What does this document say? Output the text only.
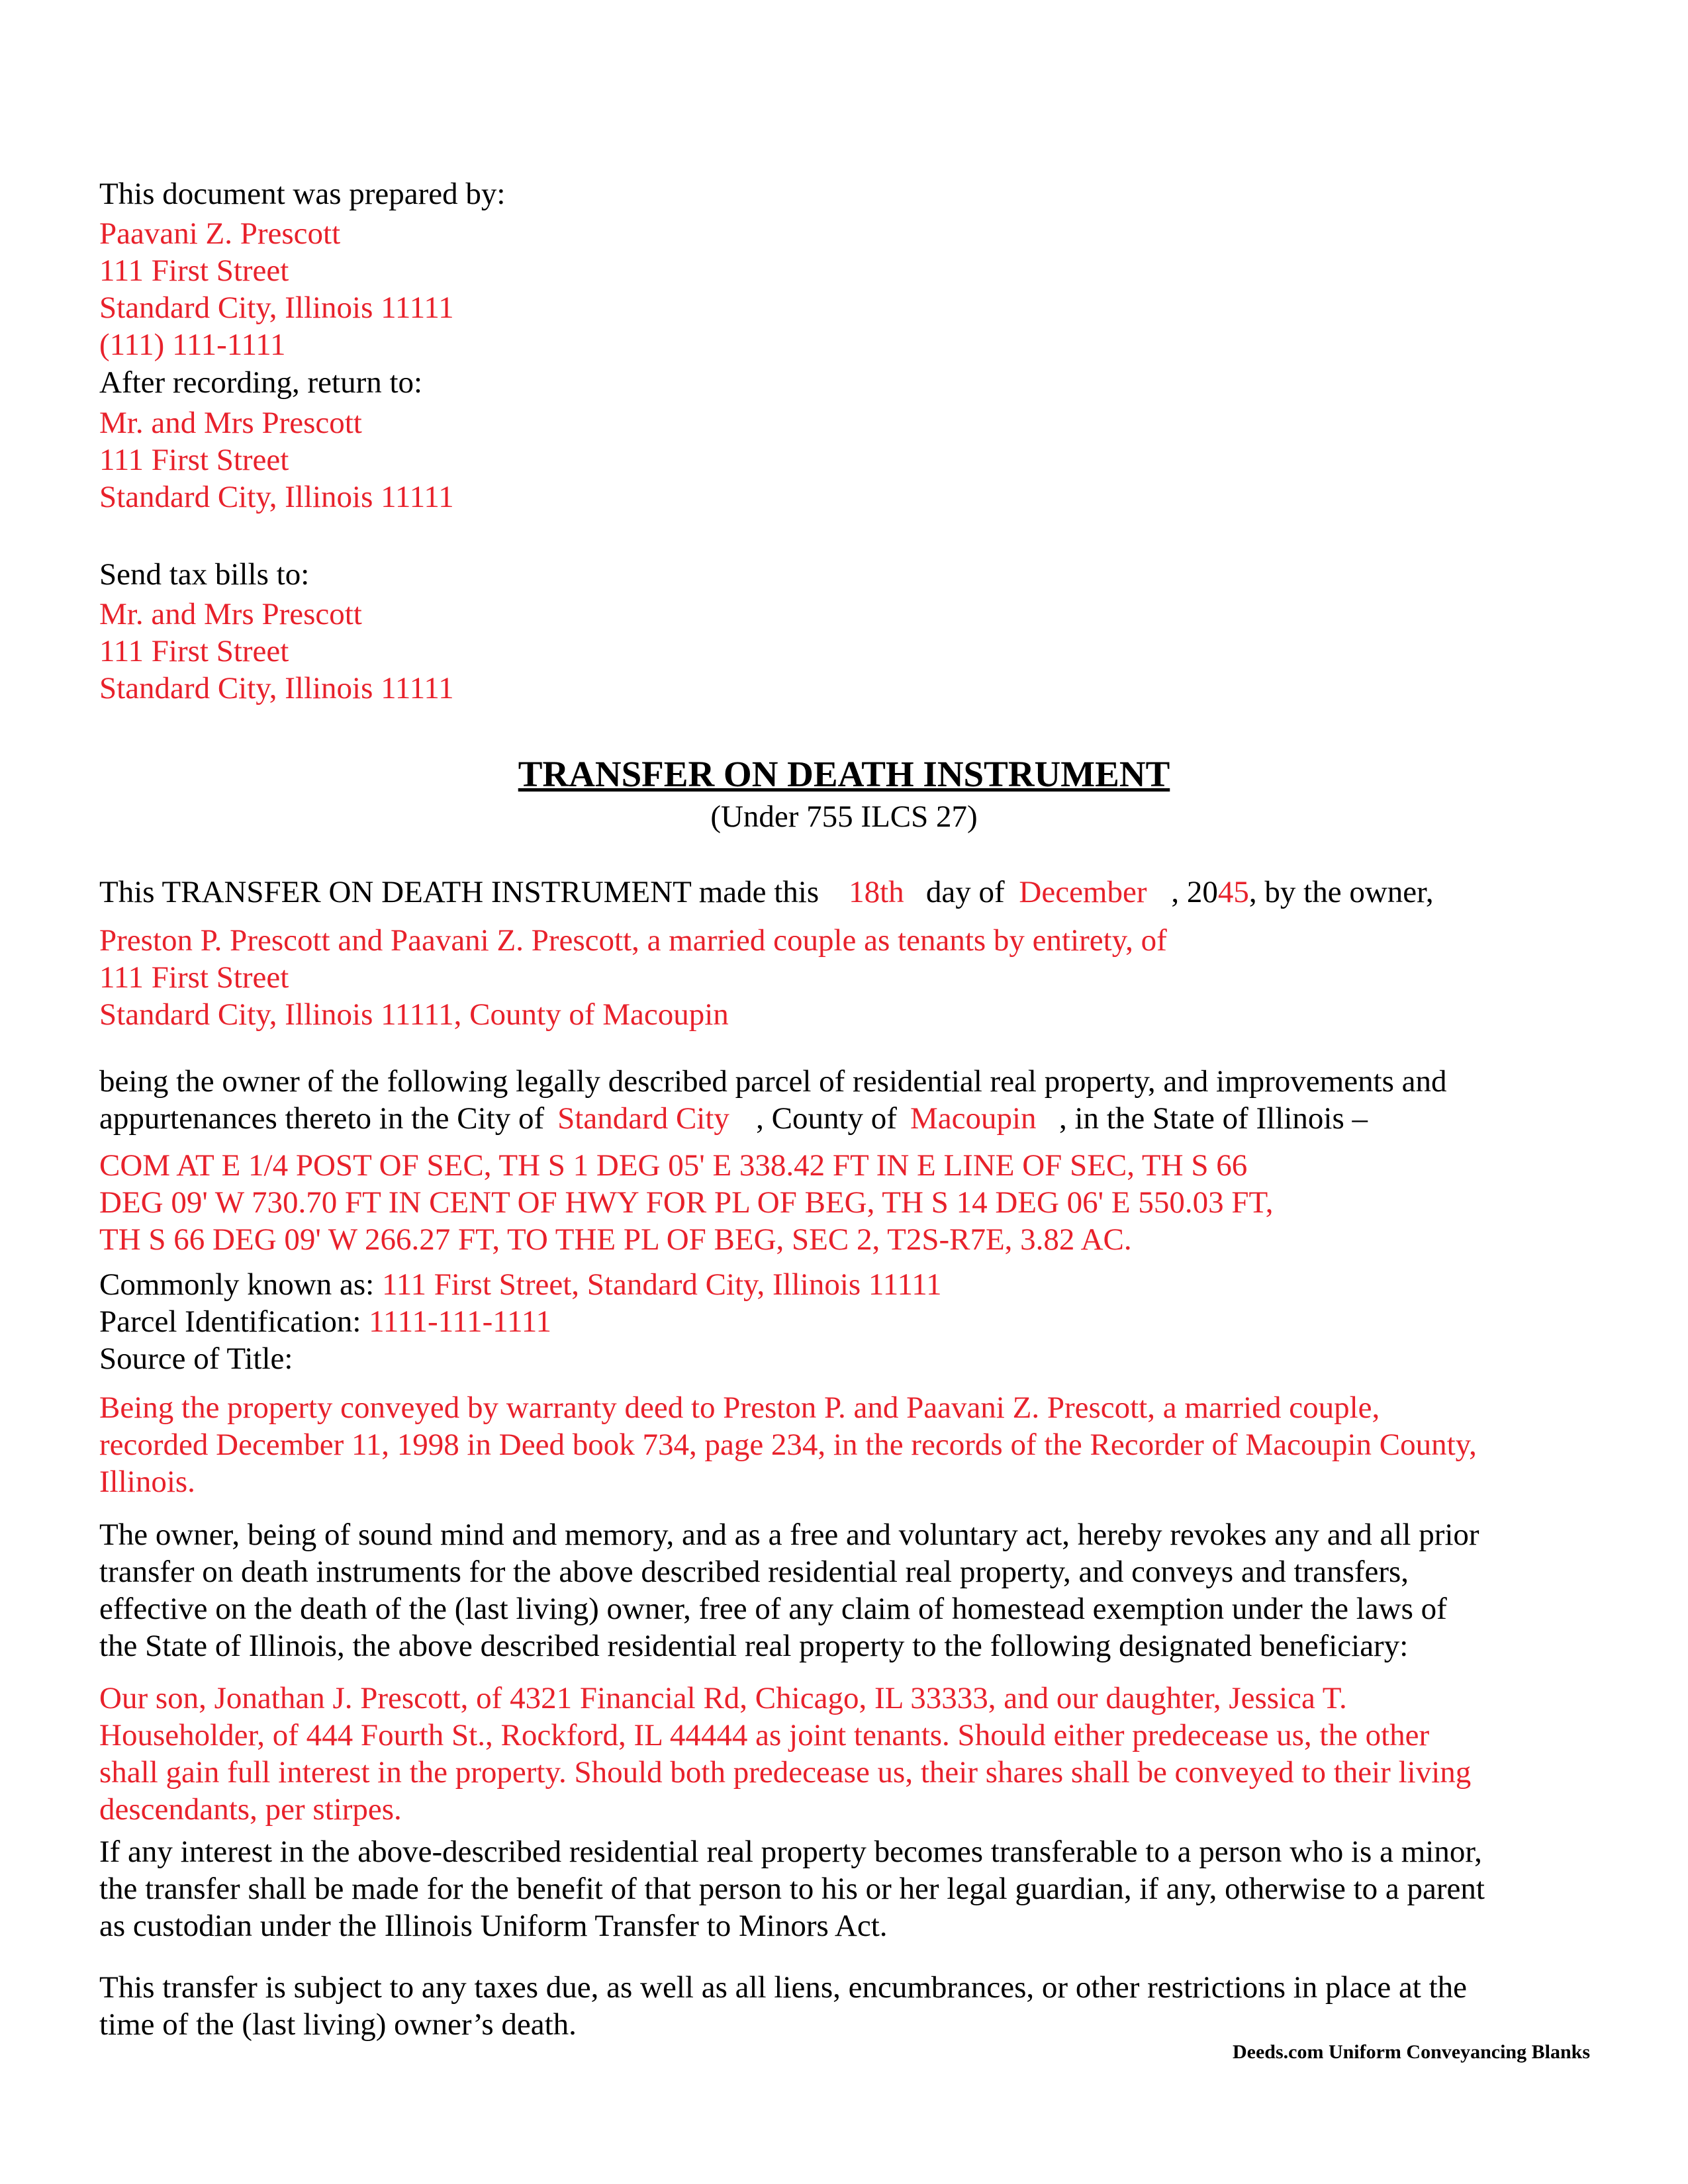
This document was prepared by:
Paavani Z. Prescott
111 First Street
Standard City, Illinois 11111
(111) 111-1111
After recording, return to:
Mr. and Mrs Prescott
111 First Street
Standard City, Illinois 11111
Send tax bills to:
Mr. and Mrs Prescott
111 First Street
Standard City, Illinois 11111
TRANSFER ON DEATH INSTRUMENT
(Under 755 ILCS 27)
This TRANSFER ON DEATH INSTRUMENT made this 18th day of December , 2045, by the owner,
Preston P. Prescott and Paavani Z. Prescott, a married couple as tenants by entirety, of
111 First Street
Standard City, Illinois 11111, County of Macoupin
being the owner of the following legally described parcel of residential real property, and improvements and
appurtenances thereto in the City of Standard City , County of Macoupin , in the State of Illinois –
COM AT E 1/4 POST OF SEC, TH S 1 DEG 05' E 338.42 FT IN E LINE OF SEC, TH S 66
DEG 09' W 730.70 FT IN CENT OF HWY FOR PL OF BEG, TH S 14 DEG 06' E 550.03 FT,
TH S 66 DEG 09' W 266.27 FT, TO THE PL OF BEG, SEC 2, T2S-R7E, 3.82 AC.
Commonly known as: 111 First Street, Standard City, Illinois 11111
Parcel Identification: 1111-111-1111
Source of Title:
Being the property conveyed by warranty deed to Preston P. and Paavani Z. Prescott, a married couple,
recorded December 11, 1998 in Deed book 734, page 234, in the records of the Recorder of Macoupin County,
Illinois.
The owner, being of sound mind and memory, and as a free and voluntary act, hereby revokes any and all prior
transfer on death instruments for the above described residential real property, and conveys and transfers,
effective on the death of the (last living) owner, free of any claim of homestead exemption under the laws of
the State of Illinois, the above described residential real property to the following designated beneficiary:
Our son, Jonathan J. Prescott, of 4321 Financial Rd, Chicago, IL 33333, and our daughter, Jessica T.
Householder, of 444 Fourth St., Rockford, IL 44444 as joint tenants. Should either predecease us, the other
shall gain full interest in the property. Should both predecease us, their shares shall be conveyed to their living
descendants, per stirpes.
If any interest in the above-described residential real property becomes transferable to a person who is a minor,
the transfer shall be made for the benefit of that person to his or her legal guardian, if any, otherwise to a parent
as custodian under the Illinois Uniform Transfer to Minors Act.
This transfer is subject to any taxes due, as well as all liens, encumbrances, or other restrictions in place at the
time of the (last living) owner’s death.
Deeds.com Uniform Conveyancing Blanks
